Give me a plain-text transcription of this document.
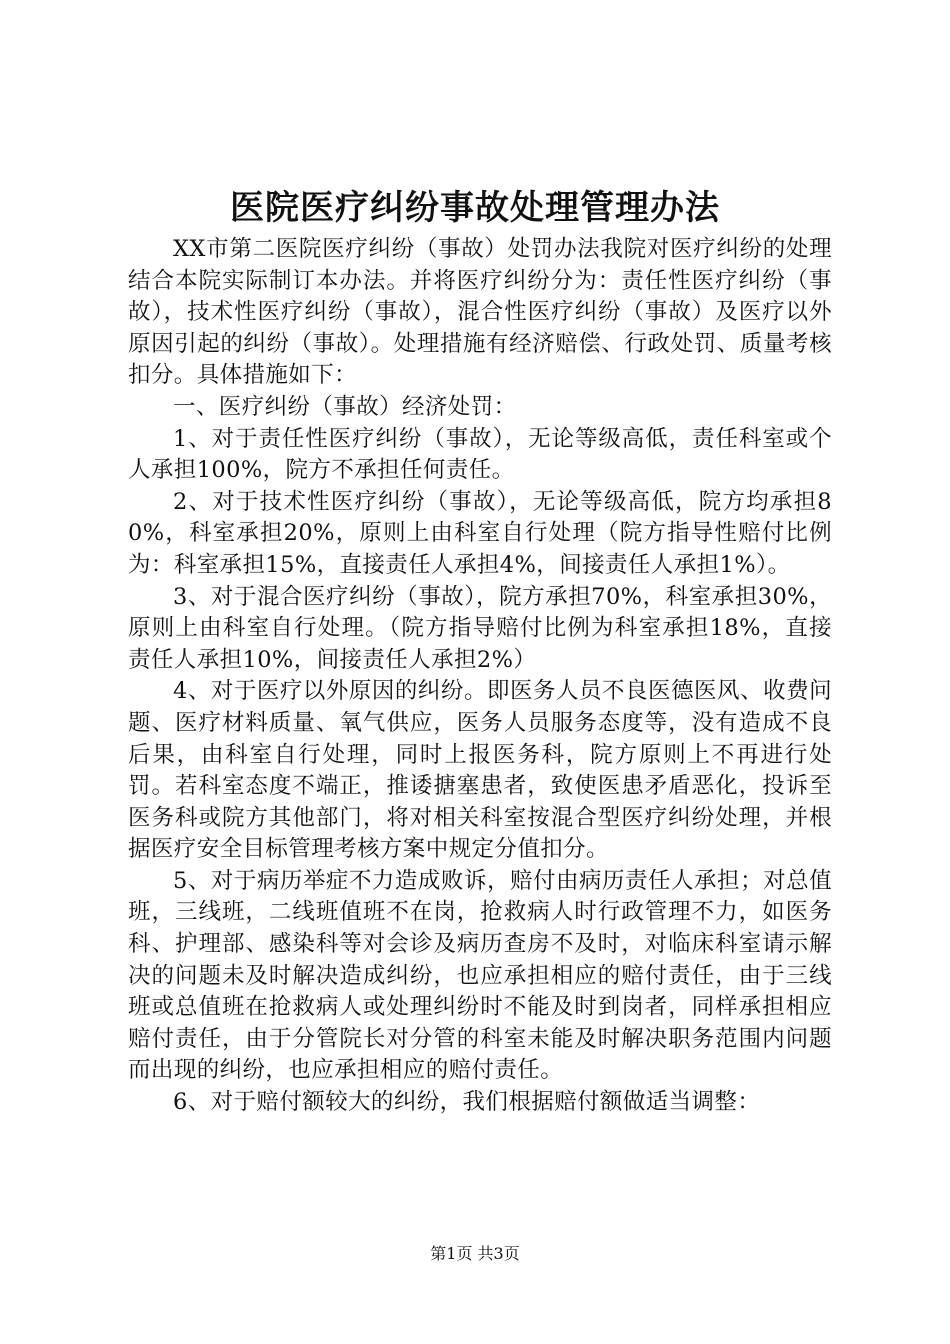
医院医疗纠纷事故处理管理办法

XX市第二医院医疗纠纷（事故）处罚办法我院对医疗纠纷的处理结合本院实际制订本办法。并将医疗纠纷分为：责任性医疗纠纷（事故），技术性医疗纠纷（事故），混合性医疗纠纷（事故）及医疗以外原因引起的纠纷（事故）。处理措施有经济赔偿、行政处罚、质量考核扣分。具体措施如下：

一、医疗纠纷（事故）经济处罚：

1、对于责任性医疗纠纷（事故），无论等级高低，责任科室或个人承担100%，院方不承担任何责任。

2、对于技术性医疗纠纷（事故），无论等级高低，院方均承担80%，科室承担20%，原则上由科室自行处理（院方指导性赔付比例为：科室承担15%，直接责任人承担4%，间接责任人承担1%）。

3、对于混合医疗纠纷（事故），院方承担70%，科室承担30%，原则上由科室自行处理。（院方指导赔付比例为科室承担18%，直接责任人承担10%，间接责任人承担2%）

4、对于医疗以外原因的纠纷。即医务人员不良医德医风、收费问题、医疗材料质量、氧气供应，医务人员服务态度等，没有造成不良后果，由科室自行处理，同时上报医务科，院方原则上不再进行处罚。若科室态度不端正，推诿搪塞患者，致使医患矛盾恶化，投诉至医务科或院方其他部门，将对相关科室按混合型医疗纠纷处理，并根据医疗安全目标管理考核方案中规定分值扣分。

5、对于病历举症不力造成败诉，赔付由病历责任人承担；对总值班，三线班，二线班值班不在岗，抢救病人时行政管理不力，如医务科、护理部、感染科等对会诊及病历查房不及时，对临床科室请示解决的问题未及时解决造成纠纷，也应承担相应的赔付责任，由于三线班或总值班在抢救病人或处理纠纷时不能及时到岗者，同样承担相应赔付责任，由于分管院长对分管的科室未能及时解决职务范围内问题而出现的纠纷，也应承担相应的赔付责任。

6、对于赔付额较大的纠纷，我们根据赔付额做适当调整：

第1页 共3页
